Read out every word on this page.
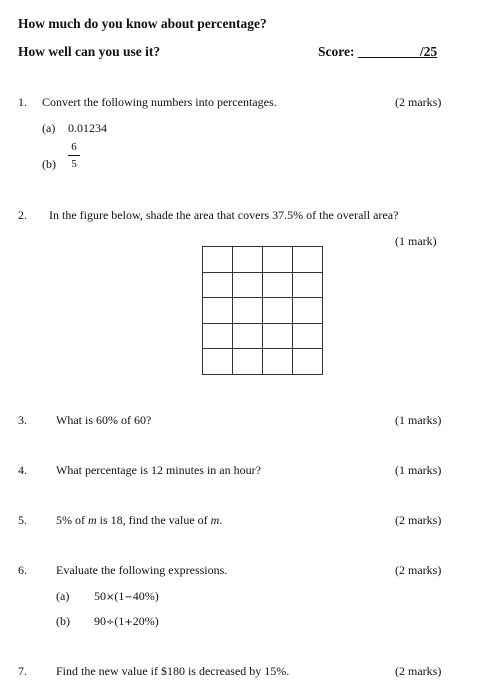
How much do you know about percentage?
How well can you use it?	Score:	/25
1. Convert the following numbers into percentages.	(2 marks)
(a) 0.01234
(b)
6
5
2. In the figure below, shade the area that covers 37.5% of the overall area?
(1 mark)
3. What is 60% of 60?	(1 marks)
4. What percentage is 12 minutes in an hour?	(1 marks)
5. 5% of m is 18, find the value of m.	(2 marks)
6. Evaluate the following expressions.	(2 marks)
(a) 50×(1−40%)
(b) 90÷(1+20%)
7. Find the new value if $180 is decreased by 15%.	(2 marks)
